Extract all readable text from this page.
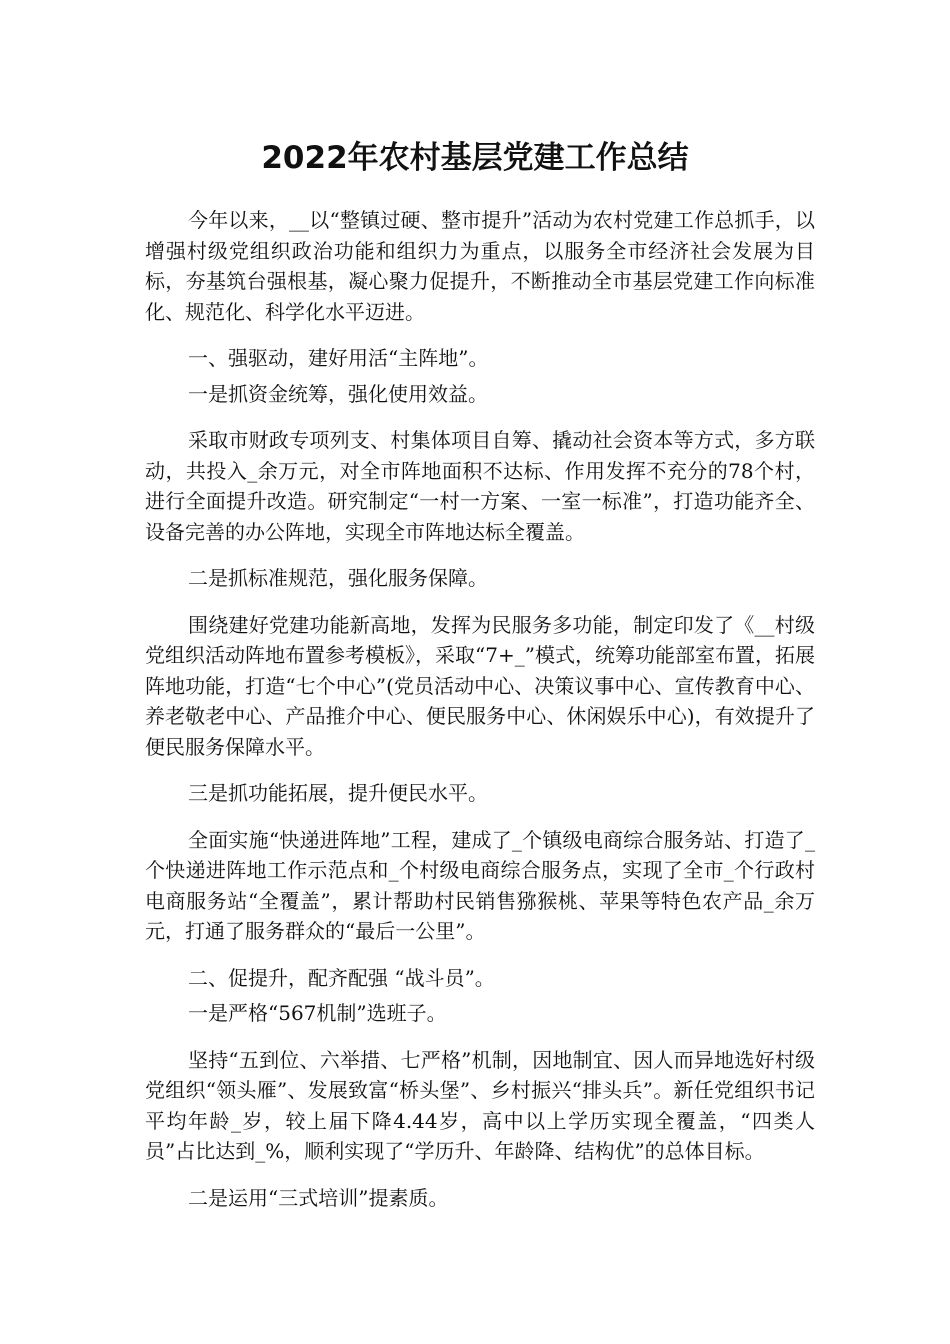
2022年农村基层党建工作总结

今年以来，__以“整镇过硬、整市提升”活动为农村党建工作总抓手，以增强村级党组织政治功能和组织力为重点，以服务全市经济社会发展为目标，夯基筑台强根基，凝心聚力促提升，不断推动全市基层党建工作向标准化、规范化、科学化水平迈进。

一、强驱动，建好用活“主阵地”。

一是抓资金统筹，强化使用效益。

采取市财政专项列支、村集体项目自筹、撬动社会资本等方式，多方联动，共投入_余万元，对全市阵地面积不达标、作用发挥不充分的78个村，进行全面提升改造。研究制定“一村一方案、一室一标准”，打造功能齐全、设备完善的办公阵地，实现全市阵地达标全覆盖。

二是抓标准规范，强化服务保障。

围绕建好党建功能新高地，发挥为民服务多功能，制定印发了《__村级党组织活动阵地布置参考模板》，采取“7+_”模式，统筹功能部室布置，拓展阵地功能，打造“七个中心”(党员活动中心、决策议事中心、宣传教育中心、养老敬老中心、产品推介中心、便民服务中心、休闲娱乐中心)，有效提升了便民服务保障水平。

三是抓功能拓展，提升便民水平。

全面实施“快递进阵地”工程，建成了_个镇级电商综合服务站、打造了_个快递进阵地工作示范点和_个村级电商综合服务点，实现了全市_个行政村电商服务站“全覆盖”，累计帮助村民销售猕猴桃、苹果等特色农产品_余万元，打通了服务群众的“最后一公里”。

二、促提升，配齐配强 “战斗员”。

一是严格“567机制”选班子。

坚持“五到位、六举措、七严格”机制，因地制宜、因人而异地选好村级党组织“领头雁”、发展致富“桥头堡”、乡村振兴“排头兵”。新任党组织书记平均年龄_岁，较上届下降4.44岁，高中以上学历实现全覆盖，“四类人员”占比达到_%，顺利实现了“学历升、年龄降、结构优”的总体目标。

二是运用“三式培训”提素质。
